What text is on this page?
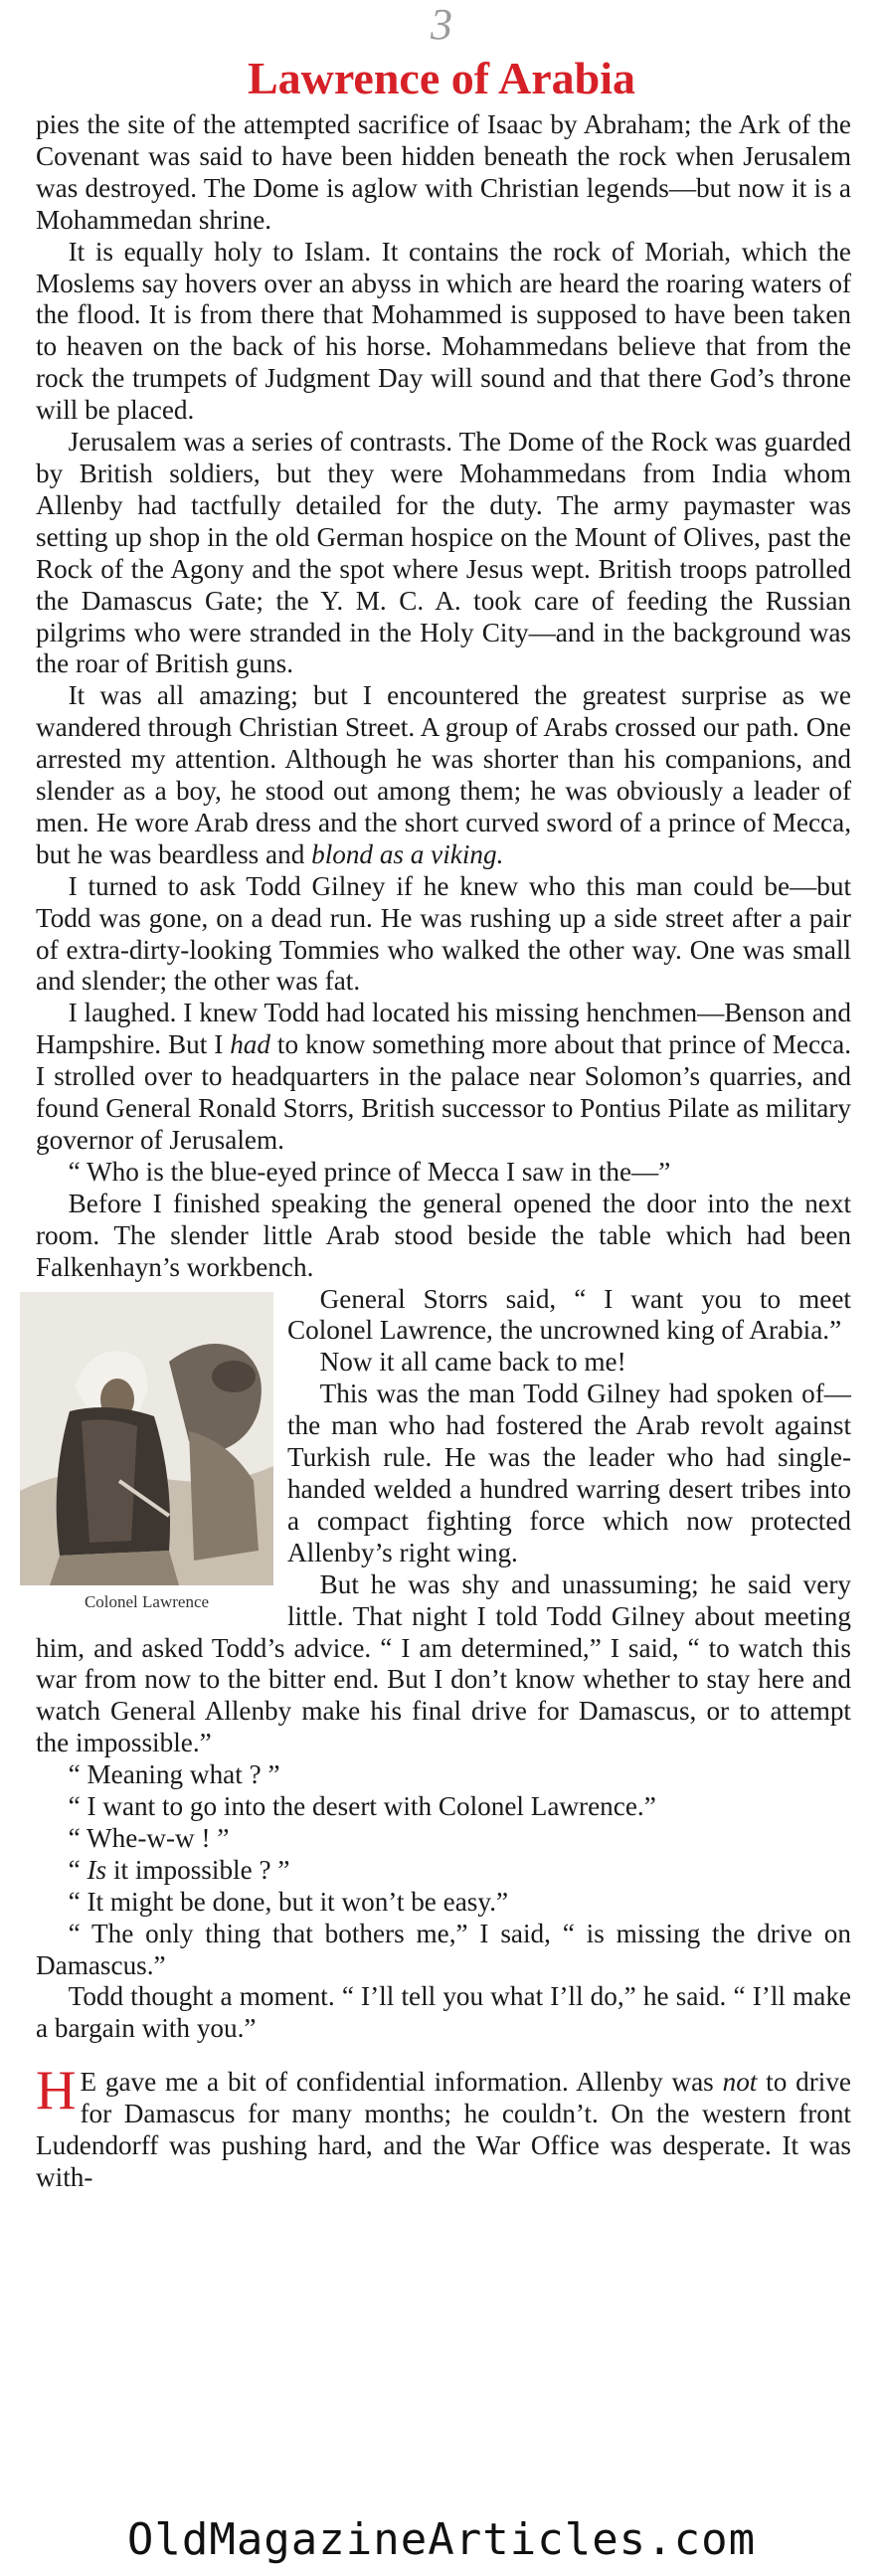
3
Lawrence of Arabia

pies the site of the attempted sacrifice of Isaac by Abraham; the Ark of the Covenant was said to have been hidden beneath the rock when Jerusalem was destroyed. The Dome is aglow with Christian legends—but now it is a Mohammedan shrine.

It is equally holy to Islam. It contains the rock of Moriah, which the Moslems say hovers over an abyss in which are heard the roaring waters of the flood. It is from there that Mohammed is supposed to have been taken to heaven on the back of his horse. Mohammedans believe that from the rock the trumpets of Judgment Day will sound and that there God’s throne will be placed.

Jerusalem was a series of contrasts. The Dome of the Rock was guarded by British soldiers, but they were Mohammedans from India whom Allenby had tactfully detailed for the duty. The army paymaster was setting up shop in the old German hospice on the Mount of Olives, past the Rock of the Agony and the spot where Jesus wept. British troops patrolled the Damascus Gate; the Y. M. C. A. took care of feeding the Russian pilgrims who were stranded in the Holy City—and in the background was the roar of British guns.

It was all amazing; but I encountered the greatest surprise as we wandered through Christian Street. A group of Arabs crossed our path. One arrested my attention. Although he was shorter than his companions, and slender as a boy, he stood out among them; he was obviously a leader of men. He wore Arab dress and the short curved sword of a prince of Mecca, but he was beardless and blond as a viking.

I turned to ask Todd Gilney if he knew who this man could be—but Todd was gone, on a dead run. He was rushing up a side street after a pair of extra-dirty-looking Tommies who walked the other way. One was small and slender; the other was fat.

I laughed. I knew Todd had located his missing henchmen—Benson and Hampshire. But I had to know something more about that prince of Mecca. I strolled over to headquarters in the palace near Solomon’s quarries, and found General Ronald Storrs, British successor to Pontius Pilate as military governor of Jerusalem.

“ Who is the blue-eyed prince of Mecca I saw in the—”

Before I finished speaking the general opened the door into the next room. The slender little Arab stood beside the table which had been Falkenhayn’s workbench.

Colonel Lawrence

General Storrs said, “ I want you to meet Colonel Lawrence, the uncrowned king of Arabia.”

Now it all came back to me!

This was the man Todd Gilney had spoken of—the man who had fostered the Arab revolt against Turkish rule. He was the leader who had single-handed welded a hundred warring desert tribes into a compact fighting force which now protected Allenby’s right wing.

But he was shy and unassuming; he said very little. That night I told Todd Gilney about meeting him, and asked Todd’s advice. “ I am determined,” I said, “ to watch this war from now to the bitter end. But I don’t know whether to stay here and watch General Allenby make his final drive for Damascus, or to attempt the impossible.”

“ Meaning what ? ”

“ I want to go into the desert with Colonel Lawrence.”

“ Whe-w-w ! ”

“ Is it impossible ? ”

“ It might be done, but it won’t be easy.”

“ The only thing that bothers me,” I said, “ is missing the drive on Damascus.”

Todd thought a moment. “ I’ll tell you what I’ll do,” he said. “ I’ll make a bargain with you.”

H E gave me a bit of confidential information. Allenby was not to drive for Damascus for many months; he couldn’t. On the western front Ludendorff was pushing hard, and the War Office was desperate. It was with-

OldMagazineArticles.com
